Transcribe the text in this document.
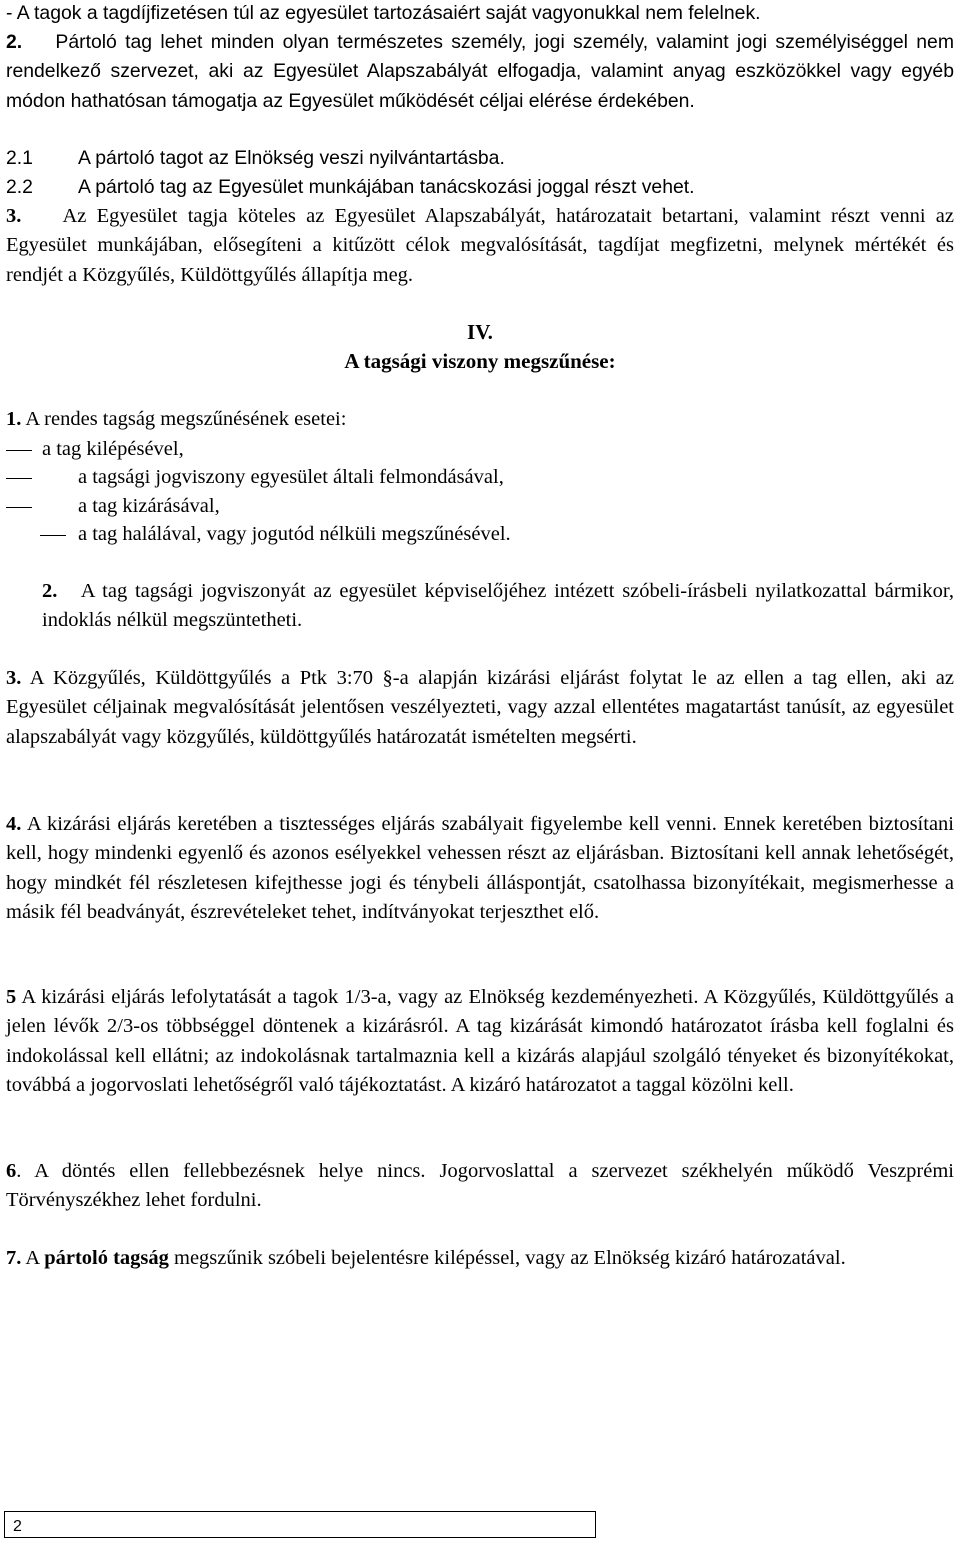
- A tagok a tagdíjfizetésen túl az egyesület tartozásaiért saját vagyonukkal nem felelnek.

2. Pártoló tag lehet minden olyan természetes személy, jogi személy, valamint jogi személyiséggel nem rendelkező szervezet, aki az Egyesület Alapszabályát elfogadja, valamint anyag eszközökkel vagy egyéb módon hathatósan támogatja az Egyesület működését céljai elérése érdekében.

2.1 A pártoló tagot az Elnökség veszi nyilvántartásba.

2.2 A pártoló tag az Egyesület munkájában tanácskozási joggal részt vehet.

3. Az Egyesület tagja köteles az Egyesület Alapszabályát, határozatait betartani, valamint részt venni az Egyesület munkájában, elősegíteni a kitűzött célok megvalósítását, tagdíjat megfizetni, melynek mértékét és rendjét a Közgyűlés, Küldöttgyűlés állapítja meg.

IV.
A tagsági viszony megszűnése:

1. A rendes tagság megszűnésének esetei:

a tag kilépésével,
a tagsági jogviszony egyesület általi felmondásával,
a tag kizárásával,
a tag halálával, vagy jogutód nélküli megszűnésével.

2. A tag tagsági jogviszonyát az egyesület képviselőjéhez intézett szóbeli-írásbeli nyilatkozattal bármikor, indoklás nélkül megszüntetheti.

3. A Közgyűlés, Küldöttgyűlés a Ptk 3:70 §-a alapján kizárási eljárást folytat le az ellen a tag ellen, aki az Egyesület céljainak megvalósítását jelentősen veszélyezteti, vagy azzal ellentétes magatartást tanúsít, az egyesület alapszabályát vagy közgyűlés, küldöttgyűlés határozatát ismételten megsérti.

4. A kizárási eljárás keretében a tisztességes eljárás szabályait figyelembe kell venni. Ennek keretében biztosítani kell, hogy mindenki egyenlő és azonos esélyekkel vehessen részt az eljárásban. Biztosítani kell annak lehetőségét, hogy mindkét fél részletesen kifejthesse jogi és ténybeli álláspontját, csatolhassa bizonyítékait, megismerhesse a másik fél beadványát, észrevételeket tehet, indítványokat terjeszthet elő.

5 A kizárási eljárás lefolytatását a tagok 1/3-a, vagy az Elnökség kezdeményezheti. A Közgyűlés, Küldöttgyűlés a jelen lévők 2/3-os többséggel döntenek a kizárásról. A tag kizárását kimondó határozatot írásba kell foglalni és indokolással kell ellátni; az indokolásnak tartalmaznia kell a kizárás alapjául szolgáló tényeket és bizonyítékokat, továbbá a jogorvoslati lehetőségről való tájékoztatást. A kizáró határozatot a taggal közölni kell.

6. A döntés ellen fellebbezésnek helye nincs. Jogorvoslattal a szervezet székhelyén működő Veszprémi Törvényszékhez lehet fordulni.

7. A pártoló tagság megszűnik szóbeli bejelentésre kilépéssel, vagy az Elnökség kizáró határozatával.

2
